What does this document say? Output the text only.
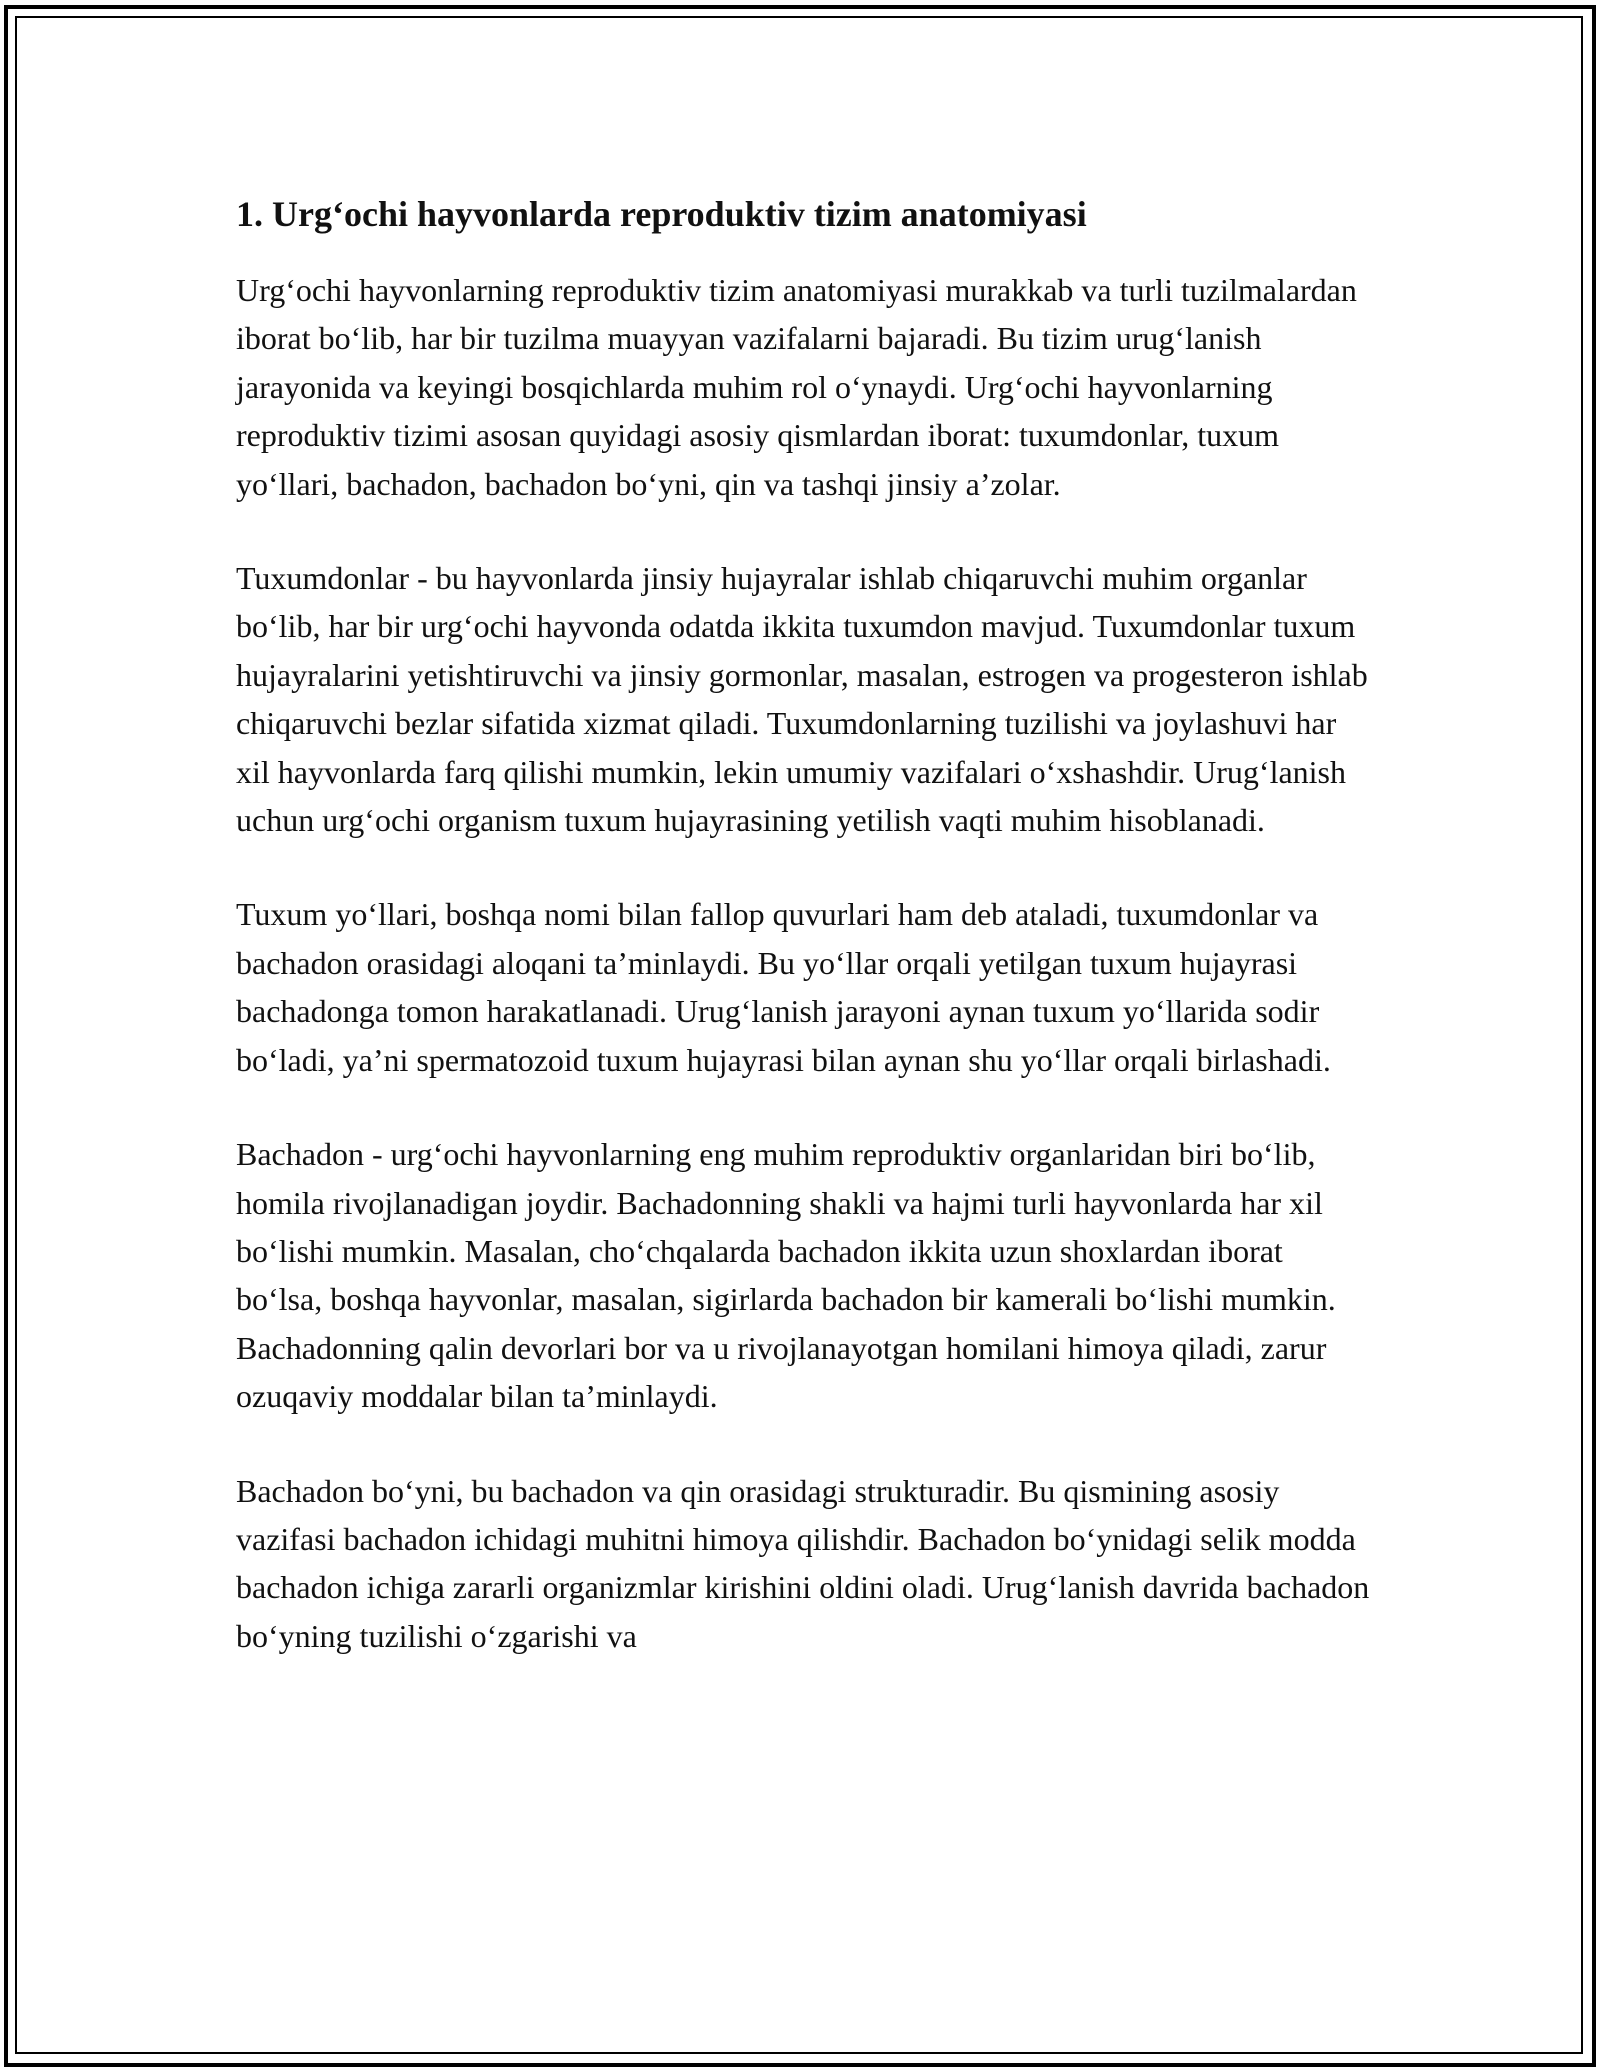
1. Urg‘ochi hayvonlarda reproduktiv tizim anatomiyasi

Urg‘ochi hayvonlarning reproduktiv tizim anatomiyasi murakkab va turli tuzilmalardan iborat bo‘lib, har bir tuzilma muayyan vazifalarni bajaradi. Bu tizim urug‘lanish jarayonida va keyingi bosqichlarda muhim rol o‘ynaydi. Urg‘ochi hayvonlarning reproduktiv tizimi asosan quyidagi asosiy qismlardan iborat: tuxumdonlar, tuxum yo‘llari, bachadon, bachadon bo‘yni, qin va tashqi jinsiy a’zolar.

Tuxumdonlar - bu hayvonlarda jinsiy hujayralar ishlab chiqaruvchi muhim organlar bo‘lib, har bir urg‘ochi hayvonda odatda ikkita tuxumdon mavjud. Tuxumdonlar tuxum hujayralarini yetishtiruvchi va jinsiy gormonlar, masalan, estrogen va progesteron ishlab chiqaruvchi bezlar sifatida xizmat qiladi. Tuxumdonlarning tuzilishi va joylashuvi har xil hayvonlarda farq qilishi mumkin, lekin umumiy vazifalari o‘xshashdir. Urug‘lanish uchun urg‘ochi organism tuxum hujayrasining yetilish vaqti muhim hisoblanadi.

Tuxum yo‘llari, boshqa nomi bilan fallop quvurlari ham deb ataladi, tuxumdonlar va bachadon orasidagi aloqani ta’minlaydi. Bu yo‘llar orqali yetilgan tuxum hujayrasi bachadonga tomon harakatlanadi. Urug‘lanish jarayoni aynan tuxum yo‘llarida sodir bo‘ladi, ya’ni spermatozoid tuxum hujayrasi bilan aynan shu yo‘llar orqali birlashadi.

Bachadon - urg‘ochi hayvonlarning eng muhim reproduktiv organlaridan biri bo‘lib, homila rivojlanadigan joydir. Bachadonning shakli va hajmi turli hayvonlarda har xil bo‘lishi mumkin. Masalan, cho‘chqalarda bachadon ikkita uzun shoxlardan iborat bo‘lsa, boshqa hayvonlar, masalan, sigirlarda bachadon bir kamerali bo‘lishi mumkin. Bachadonning qalin devorlari bor va u rivojlanayotgan homilani himoya qiladi, zarur ozuqaviy moddalar bilan ta’minlaydi.

Bachadon bo‘yni, bu bachadon va qin orasidagi strukturadir. Bu qismining asosiy vazifasi bachadon ichidagi muhitni himoya qilishdir. Bachadon bo‘ynidagi selik modda bachadon ichiga zararli organizmlar kirishini oldini oladi. Urug‘lanish davrida bachadon bo‘yning tuzilishi o‘zgarishi va
